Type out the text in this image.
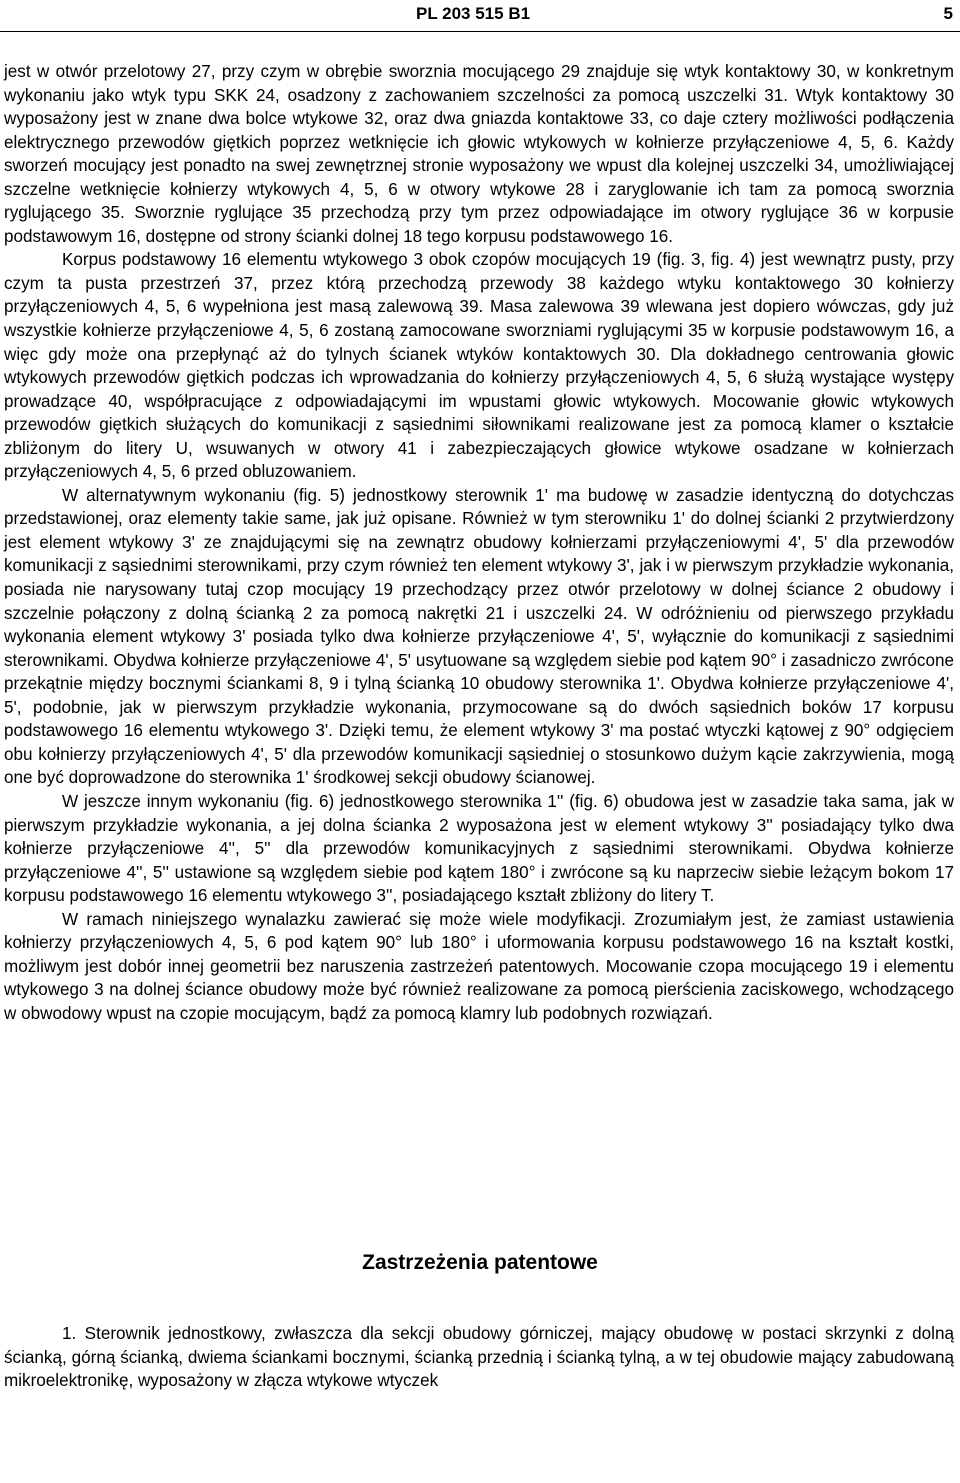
PL 203 515 B1	5

jest w otwór przelotowy 27, przy czym w obrębie sworznia mocującego 29 znajduje się wtyk kontaktowy 30, w konkretnym wykonaniu jako wtyk typu SKK 24, osadzony z zachowaniem szczelności za pomocą uszczelki 31. Wtyk kontaktowy 30 wyposażony jest w znane dwa bolce wtykowe 32, oraz dwa gniazda kontaktowe 33, co daje cztery możliwości podłączenia elektrycznego przewodów giętkich poprzez wetknięcie ich głowic wtykowych w kołnierze przyłączeniowe 4, 5, 6. Każdy sworzeń mocujący jest ponadto na swej zewnętrznej stronie wyposażony we wpust dla kolejnej uszczelki 34, umożliwiającej szczelne wetknięcie kołnierzy wtykowych 4, 5, 6 w otwory wtykowe 28 i zaryglowanie ich tam za pomocą sworznia ryglującego 35. Sworznie ryglujące 35 przechodzą przy tym przez odpowiadające im otwory ryglujące 36 w korpusie podstawowym 16, dostępne od strony ścianki dolnej 18 tego korpusu podstawowego 16.

Korpus podstawowy 16 elementu wtykowego 3 obok czopów mocujących 19 (fig. 3, fig. 4) jest wewnątrz pusty, przy czym ta pusta przestrzeń 37, przez którą przechodzą przewody 38 każdego wtyku kontaktowego 30 kołnierzy przyłączeniowych 4, 5, 6 wypełniona jest masą zalewową 39. Masa zalewowa 39 wlewana jest dopiero wówczas, gdy już wszystkie kołnierze przyłączeniowe 4, 5, 6 zostaną zamocowane sworzniami ryglującymi 35 w korpusie podstawowym 16, a więc gdy może ona przepłynąć aż do tylnych ścianek wtyków kontaktowych 30. Dla dokładnego centrowania głowic wtykowych przewodów giętkich podczas ich wprowadzania do kołnierzy przyłączeniowych 4, 5, 6 służą wystające występy prowadzące 40, współpracujące z odpowiadającymi im wpustami głowic wtykowych. Mocowanie głowic wtykowych przewodów giętkich służących do komunikacji z sąsiednimi siłownikami realizowane jest za pomocą klamer o kształcie zbliżonym do litery U, wsuwanych w otwory 41 i zabezpieczających głowice wtykowe osadzane w kołnierzach przyłączeniowych 4, 5, 6 przed obluzowaniem.

W alternatywnym wykonaniu (fig. 5) jednostkowy sterownik 1' ma budowę w zasadzie identyczną do dotychczas przedstawionej, oraz elementy takie same, jak już opisane. Również w tym sterowniku 1' do dolnej ścianki 2 przytwierdzony jest element wtykowy 3' ze znajdującymi się na zewnątrz obudowy kołnierzami przyłączeniowymi 4', 5' dla przewodów komunikacji z sąsiednimi sterownikami, przy czym również ten element wtykowy 3', jak i w pierwszym przykładzie wykonania, posiada nie narysowany tutaj czop mocujący 19 przechodzący przez otwór przelotowy w dolnej ściance 2 obudowy i szczelnie połączony z dolną ścianką 2 za pomocą nakrętki 21 i uszczelki 24. W odróżnieniu od pierwszego przykładu wykonania element wtykowy 3' posiada tylko dwa kołnierze przyłączeniowe 4', 5', wyłącznie do komunikacji z sąsiednimi sterownikami. Obydwa kołnierze przyłączeniowe 4', 5' usytuowane są względem siebie pod kątem 90° i zasadniczo zwrócone przekątnie między bocznymi ściankami 8, 9 i tylną ścianką 10 obudowy sterownika 1'. Obydwa kołnierze przyłączeniowe 4', 5', podobnie, jak w pierwszym przykładzie wykonania, przymocowane są do dwóch sąsiednich boków 17 korpusu podstawowego 16 elementu wtykowego 3'. Dzięki temu, że element wtykowy 3' ma postać wtyczki kątowej z 90° odgięciem obu kołnierzy przyłączeniowych 4', 5' dla przewodów komunikacji sąsiedniej o stosunkowo dużym kącie zakrzywienia, mogą one być doprowadzone do sterownika 1' środkowej sekcji obudowy ścianowej.

W jeszcze innym wykonaniu (fig. 6) jednostkowego sterownika 1'' (fig. 6) obudowa jest w zasadzie taka sama, jak w pierwszym przykładzie wykonania, a jej dolna ścianka 2 wyposażona jest w element wtykowy 3'' posiadający tylko dwa kołnierze przyłączeniowe 4'', 5'' dla przewodów komunikacyjnych z sąsiednimi sterownikami. Obydwa kołnierze przyłączeniowe 4'', 5'' ustawione są względem siebie pod kątem 180° i zwrócone są ku naprzeciw siebie leżącym bokom 17 korpusu podstawowego 16 elementu wtykowego 3'', posiadającego kształt zbliżony do litery T.

W ramach niniejszego wynalazku zawierać się może wiele modyfikacji. Zrozumiałym jest, że zamiast ustawienia kołnierzy przyłączeniowych 4, 5, 6 pod kątem 90° lub 180° i uformowania korpusu podstawowego 16 na kształt kostki, możliwym jest dobór innej geometrii bez naruszenia zastrzeżeń patentowych. Mocowanie czopa mocującego 19 i elementu wtykowego 3 na dolnej ściance obudowy może być również realizowane za pomocą pierścienia zaciskowego, wchodzącego w obwodowy wpust na czopie mocującym, bądź za pomocą klamry lub podobnych rozwiązań.

Zastrzeżenia patentowe

1. Sterownik jednostkowy, zwłaszcza dla sekcji obudowy górniczej, mający obudowę w postaci skrzynki z dolną ścianką, górną ścianką, dwiema ściankami bocznymi, ścianką przednią i ścianką tylną, a w tej obudowie mający zabudowaną mikroelektronikę, wyposażony w złącza wtykowe wtyczek
